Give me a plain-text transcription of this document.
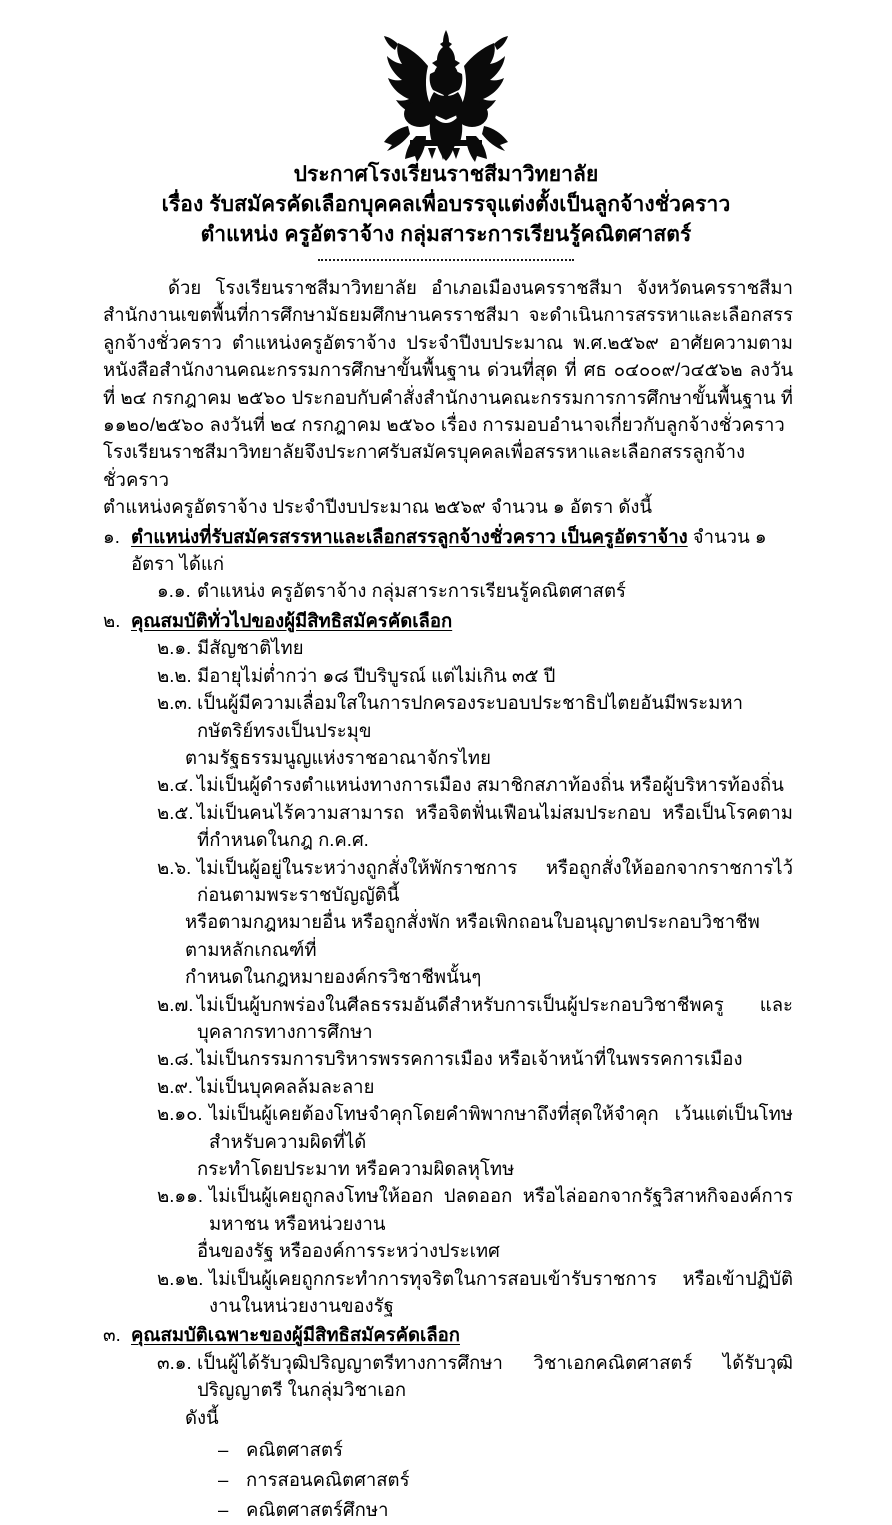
ประกาศโรงเรียนราชสีมาวิทยาลัย
เรื่อง รับสมัครคัดเลือกบุคคลเพื่อบรรจุแต่งตั้งเป็นลูกจ้างชั่วคราว
ตำแหน่ง ครูอัตราจ้าง กลุ่มสาระการเรียนรู้คณิตศาสตร์

ด้วย โรงเรียนราชสีมาวิทยาลัย อำเภอเมืองนครราชสีมา จังหวัดนครราชสีมา สำนักงานเขตพื้นที่การศึกษามัธยมศึกษานครราชสีมา จะดำเนินการสรรหาและเลือกสรรลูกจ้างชั่วคราว ตำแหน่งครูอัตราจ้าง ประจำปีงบประมาณ พ.ศ.๒๕๖๙ อาศัยความตามหนังสือสำนักงานคณะกรรมการศึกษาขั้นพื้นฐาน ด่วนที่สุด ที่ ศธ ๐๔๐๐๙/ว๔๕๖๒ ลงวันที่ ๒๔ กรกฎาคม ๒๕๖๐ ประกอบกับคำสั่งสำนักงานคณะกรรมการการศึกษาขั้นพื้นฐาน ที่ ๑๑๒๐/๒๕๖๐ ลงวันที่ ๒๔ กรกฎาคม ๒๕๖๐ เรื่อง การมอบอำนาจเกี่ยวกับลูกจ้างชั่วคราว

โรงเรียนราชสีมาวิทยาลัยจึงประกาศรับสมัครบุคคลเพื่อสรรหาและเลือกสรรลูกจ้างชั่วคราว
ตำแหน่งครูอัตราจ้าง ประจำปีงบประมาณ ๒๕๖๙ จำนวน ๑ อัตรา ดังนี้
๑. ตำแหน่งที่รับสมัครสรรหาและเลือกสรรลูกจ้างชั่วคราว เป็นครูอัตราจ้าง จำนวน ๑ อัตรา ได้แก่
๑.๑. ตำแหน่ง ครูอัตราจ้าง กลุ่มสาระการเรียนรู้คณิตศาสตร์
๒. คุณสมบัติทั่วไปของผู้มีสิทธิสมัครคัดเลือก
๒.๑. มีสัญชาติไทย
๒.๒. มีอายุไม่ต่ำกว่า ๑๘ ปีบริบูรณ์ แต่ไม่เกิน ๓๕ ปี
๒.๓. เป็นผู้มีความเลื่อมใสในการปกครองระบอบประชาธิปไตยอันมีพระมหากษัตริย์ทรงเป็นประมุข
ตามรัฐธรรมนูญแห่งราชอาณาจักรไทย
๒.๔. ไม่เป็นผู้ดำรงตำแหน่งทางการเมือง สมาชิกสภาท้องถิ่น หรือผู้บริหารท้องถิ่น
๒.๕. ไม่เป็นคนไร้ความสามารถ หรือจิตฟั่นเฟือนไม่สมประกอบ หรือเป็นโรคตามที่กำหนดในกฎ ก.ค.ศ.
๒.๖. ไม่เป็นผู้อยู่ในระหว่างถูกสั่งให้พักราชการ หรือถูกสั่งให้ออกจากราชการไว้ก่อนตามพระราชบัญญัตินี้
หรือตามกฎหมายอื่น หรือถูกสั่งพัก หรือเพิกถอนใบอนุญาตประกอบวิชาชีพตามหลักเกณฑ์ที่
กำหนดในกฎหมายองค์กรวิชาชีพนั้นๆ
๒.๗. ไม่เป็นผู้บกพร่องในศีลธรรมอันดีสำหรับการเป็นผู้ประกอบวิชาชีพครู และบุคลากรทางการศึกษา
๒.๘. ไม่เป็นกรรมการบริหารพรรคการเมือง หรือเจ้าหน้าที่ในพรรคการเมือง
๒.๙. ไม่เป็นบุคคลล้มละลาย
๒.๑๐. ไม่เป็นผู้เคยต้องโทษจำคุกโดยคำพิพากษาถึงที่สุดให้จำคุก เว้นแต่เป็นโทษสำหรับความผิดที่ได้
กระทำโดยประมาท หรือความผิดลหุโทษ
๒.๑๑. ไม่เป็นผู้เคยถูกลงโทษให้ออก ปลดออก หรือไล่ออกจากรัฐวิสาหกิจองค์การมหาชน หรือหน่วยงาน
อื่นของรัฐ หรือองค์การระหว่างประเทศ
๒.๑๒. ไม่เป็นผู้เคยถูกกระทำการทุจริตในการสอบเข้ารับราชการ หรือเข้าปฏิบัติงานในหน่วยงานของรัฐ
๓. คุณสมบัติเฉพาะของผู้มีสิทธิสมัครคัดเลือก
๓.๑. เป็นผู้ได้รับวุฒิปริญญาตรีทางการศึกษา วิชาเอกคณิตศาสตร์ ได้รับวุฒิปริญญาตรี ในกลุ่มวิชาเอก
ดังนี้
– คณิตศาสตร์
– การสอนคณิตศาสตร์
– คณิตศาสตร์ศึกษา
